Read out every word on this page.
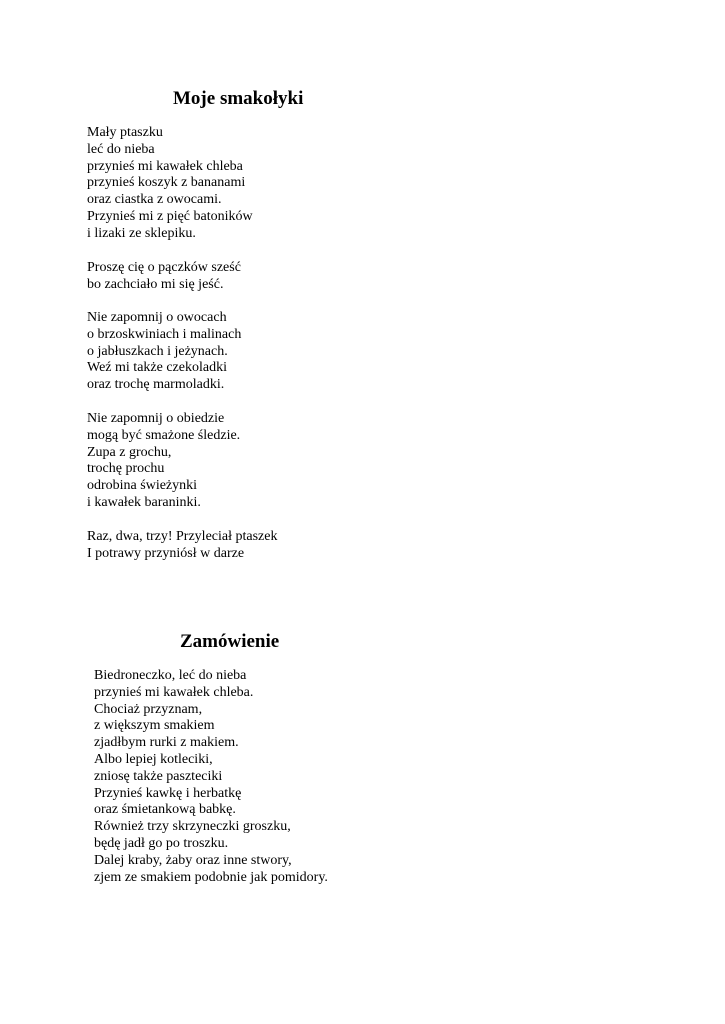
Moje smakołyki
Mały ptaszku
leć do nieba
przynieś mi kawałek chleba
przynieś koszyk z bananami
oraz ciastka z owocami.
Przynieś mi z pięć batoników
i lizaki ze sklepiku.
Proszę cię o pączków sześć
bo zachciało mi się jeść.
Nie zapomnij o owocach
o brzoskwiniach i malinach
o jabłuszkach i jeżynach.
Weź mi także czekoladki
oraz trochę marmoladki.
Nie zapomnij o obiedzie
mogą być smażone śledzie.
Zupa z grochu,
trochę prochu
odrobina świeżynki
i kawałek baraninki.
Raz, dwa, trzy! Przyleciał ptaszek
I potrawy przyniósł w darze
Zamówienie
Biedroneczko, leć do nieba
przynieś mi kawałek chleba.
Chociaż przyznam,
z większym smakiem
zjadłbym rurki z makiem.
Albo lepiej kotleciki,
zniosę także paszteciki
Przynieś kawkę i herbatkę
oraz śmietankową babkę.
Również trzy skrzyneczki groszku,
będę jadł go po troszku.
Dalej kraby, żaby oraz inne stwory,
zjem ze smakiem podobnie jak pomidory.
